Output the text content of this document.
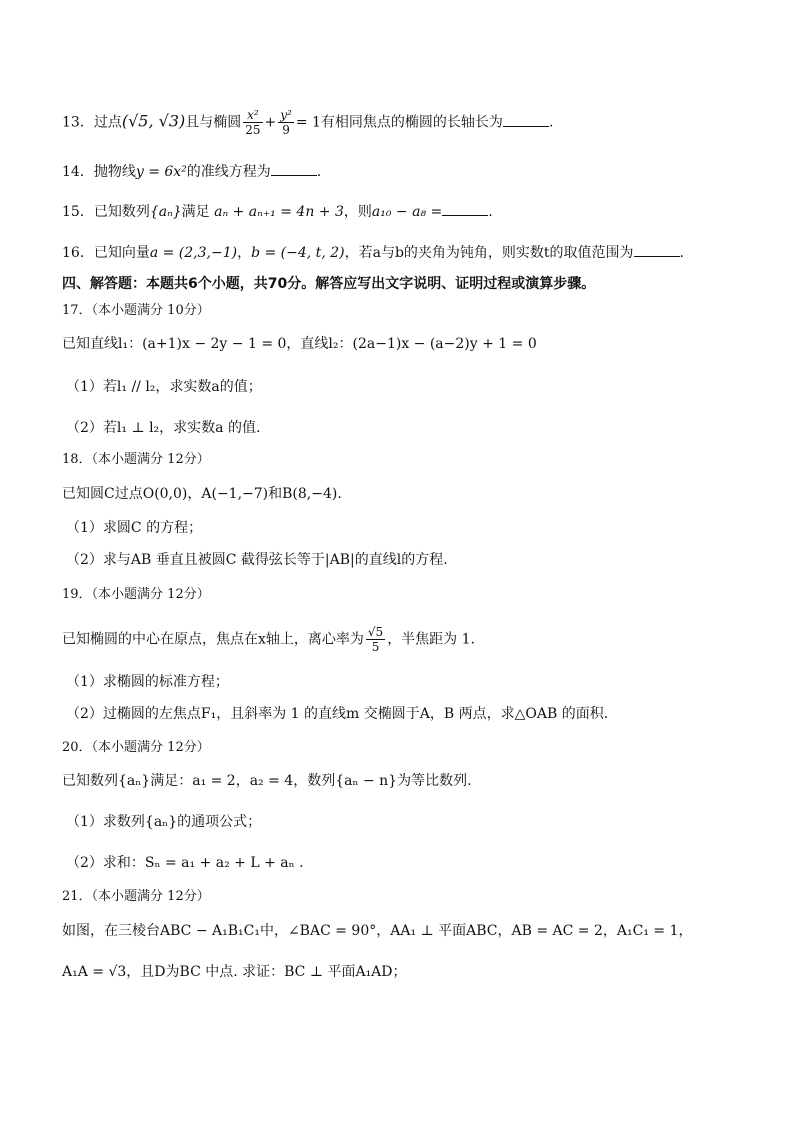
13．过点(√5, √3)且与椭圆 $\frac{\text{x²}}{25} + \frac{\text{y²}}{9} = 1$有相同焦点的椭圆的长轴长为	.
14．抛物线y = 6x²的准线方程为	.
15．已知数列{aₙ}满足 aₙ + aₙ₊₁ = 4n + 3，则a₁₀ − a₈ =	.
16．已知向量a = (2,3,−1)，b = (−4, t, 2)，若a与b的夹角为钝角，则实数t的取值范围为	.
四、解答题：本题共6个小题，共70分。解答应写出文字说明、证明过程或演算步骤。
17．（本小题满分 10分）
已知直线l₁：(a+1)x − 2y − 1 = 0，直线l₂：(2a−1)x − (a−2)y + 1 = 0
（1）若l₁ // l₂，求实数a的值；
（2）若l₁ ⊥ l₂，求实数a 的值.
18．（本小题满分 12分）
已知圆C过点O(0,0)，A(−1,−7)和B(8,−4).
（1）求圆C 的方程；
（2）求与AB 垂直且被圆C 截得弦长等于|AB|的直线l的方程.
19．（本小题满分 12分）
已知椭圆的中心在原点，焦点在x轴上，离心率为 $\frac{√5}{5}$ ，半焦距为 1.
（1）求椭圆的标准方程；
（2）过椭圆的左焦点F₁，且斜率为 1 的直线m 交椭圆于A，B 两点，求△OAB 的面积.
20．（本小题满分 12分）
已知数列{aₙ}满足：a₁ = 2，a₂ = 4，数列{aₙ − n}为等比数列.
（1）求数列{aₙ}的通项公式；
（2）求和：Sₙ = a₁ + a₂ + L + aₙ .
21．（本小题满分 12分）
如图，在三棱台ABC − A₁B₁C₁中，∠BAC = 90°，AA₁ ⊥ 平面ABC，AB = AC = 2，A₁C₁ = 1，
A₁A = √3，且D为BC 中点. 求证：BC ⊥ 平面A₁AD；
